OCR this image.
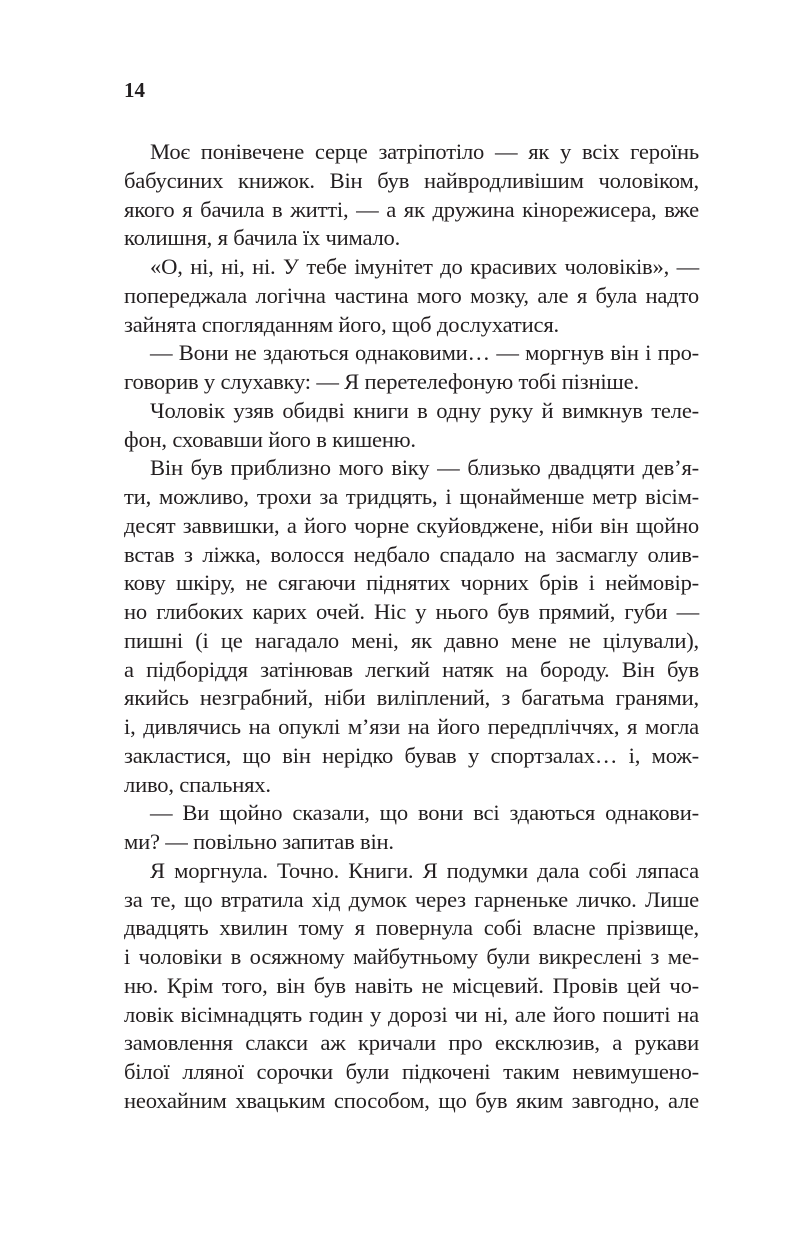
14
Моє понівечене серце затріпотіло — як у всіх героїнь
бабусиних книжок. Він був найвродливішим чоловіком,
якого я бачила в житті, — а як дружина кінорежисера, вже
колишня, я бачила їх чимало.
«О, ні, ні, ні. У тебе імунітет до красивих чоловіків», —
попереджала логічна частина мого мозку, але я була надто
зайнята спогляданням його, щоб дослухатися.
— Вони не здаються однаковими… — моргнув він і про-
говорив у слухавку: — Я перетелефоную тобі пізніше.
Чоловік узяв обидві книги в одну руку й вимкнув теле-
фон, сховавши його в кишеню.
Він був приблизно мого віку — близько двадцяти дев’я-
ти, можливо, трохи за тридцять, і щонайменше метр вісім-
десят заввишки, а його чорне скуйовджене, ніби він щойно
встав з ліжка, волосся недбало спадало на засмаглу олив-
кову шкіру, не сягаючи піднятих чорних брів і неймовір-
но глибоких карих очей. Ніс у нього був прямий, губи —
пишні (і це нагадало мені, як давно мене не цілували),
а підборіддя затінював легкий натяк на бороду. Він був
якийсь незграбний, ніби виліплений, з багатьма гранями,
і, дивлячись на опуклі м’язи на його передпліччях, я могла
закластися, що він нерідко бував у спортзалах… і, мож-
ливо, спальнях.
— Ви щойно сказали, що вони всі здаються однакови-
ми? — повільно запитав він.
Я моргнула. Точно. Книги. Я подумки дала собі ляпаса
за те, що втратила хід думок через гарненьке личко. Лише
двадцять хвилин тому я повернула собі власне прізвище,
і чоловіки в осяжному майбутньому були викреслені з ме-
ню. Крім того, він був навіть не місцевий. Провів цей чо-
ловік вісімнадцять годин у дорозі чи ні, але його пошиті на
замовлення слакси аж кричали про ексклюзив, а рукави
білої лляної сорочки були підкочені таким невимушено-
неохайним хвацьким способом, що був яким завгодно, але
